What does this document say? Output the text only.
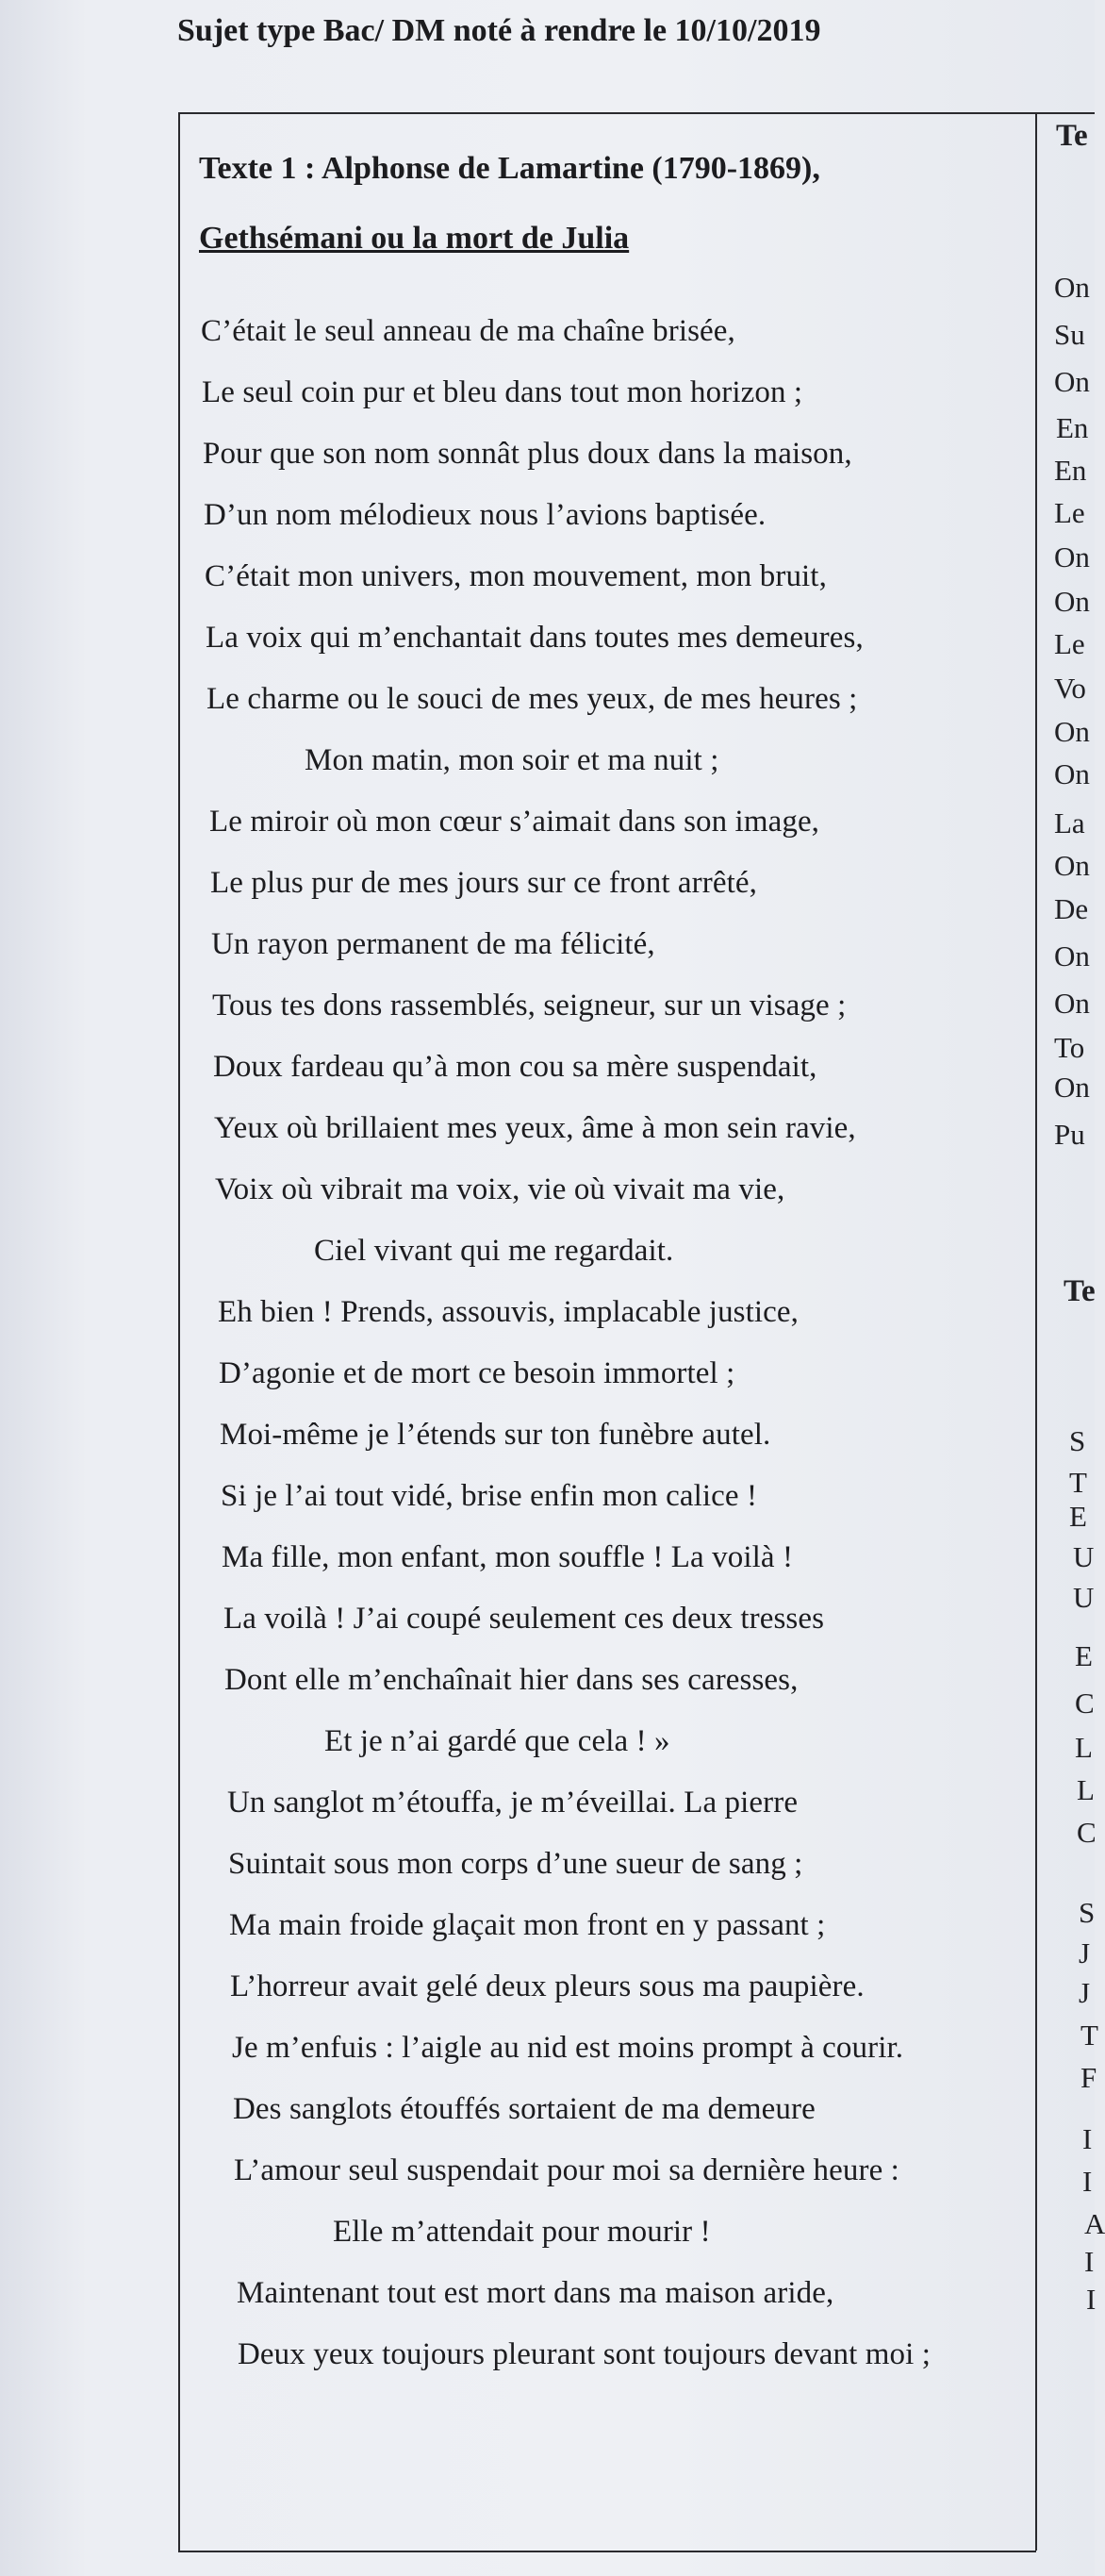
Sujet type Bac/ DM noté à rendre le 10/10/2019
Texte 1 : Alphonse de Lamartine (1790-1869),
Gethsémani ou la mort de Julia
C’était le seul anneau de ma chaîne brisée,
Le seul coin pur et bleu dans tout mon horizon ;
Pour que son nom sonnât plus doux dans la maison,
D’un nom mélodieux nous l’avions baptisée.
C’était mon univers, mon mouvement, mon bruit,
La voix qui m’enchantait dans toutes mes demeures,
Le charme ou le souci de mes yeux, de mes heures ;
Mon matin, mon soir et ma nuit ;
Le miroir où mon cœur s’aimait dans son image,
Le plus pur de mes jours sur ce front arrêté,
Un rayon permanent de ma félicité,
Tous tes dons rassemblés, seigneur, sur un visage ;
Doux fardeau qu’à mon cou sa mère suspendait,
Yeux où brillaient mes yeux, âme à mon sein ravie,
Voix où vibrait ma voix, vie où vivait ma vie,
Ciel vivant qui me regardait.
Eh bien ! Prends, assouvis, implacable justice,
D’agonie et de mort ce besoin immortel ;
Moi-même je l’étends sur ton funèbre autel.
Si je l’ai tout vidé, brise enfin mon calice !
Ma fille, mon enfant, mon souffle ! La voilà !
La voilà ! J’ai coupé seulement ces deux tresses
Dont elle m’enchaînait hier dans ses caresses,
Et je n’ai gardé que cela ! »
Un sanglot m’étouffa, je m’éveillai. La pierre
Suintait sous mon corps d’une sueur de sang ;
Ma main froide glaçait mon front en y passant ;
L’horreur avait gelé deux pleurs sous ma paupière.
Je m’enfuis : l’aigle au nid est moins prompt à courir.
Des sanglots étouffés sortaient de ma demeure
L’amour seul suspendait pour moi sa dernière heure :
Elle m’attendait pour mourir !
Maintenant tout est mort dans ma maison aride,
Deux yeux toujours pleurant sont toujours devant moi ;
Te
On
Su
On
En
En
Le
On
On
Le
Vo
On
On
La
On
De
On
On
To
On
Pu
Te
S
T
E
U
U
E
C
L
L
C
S
J
J
T
F
I
I
A
I
I
